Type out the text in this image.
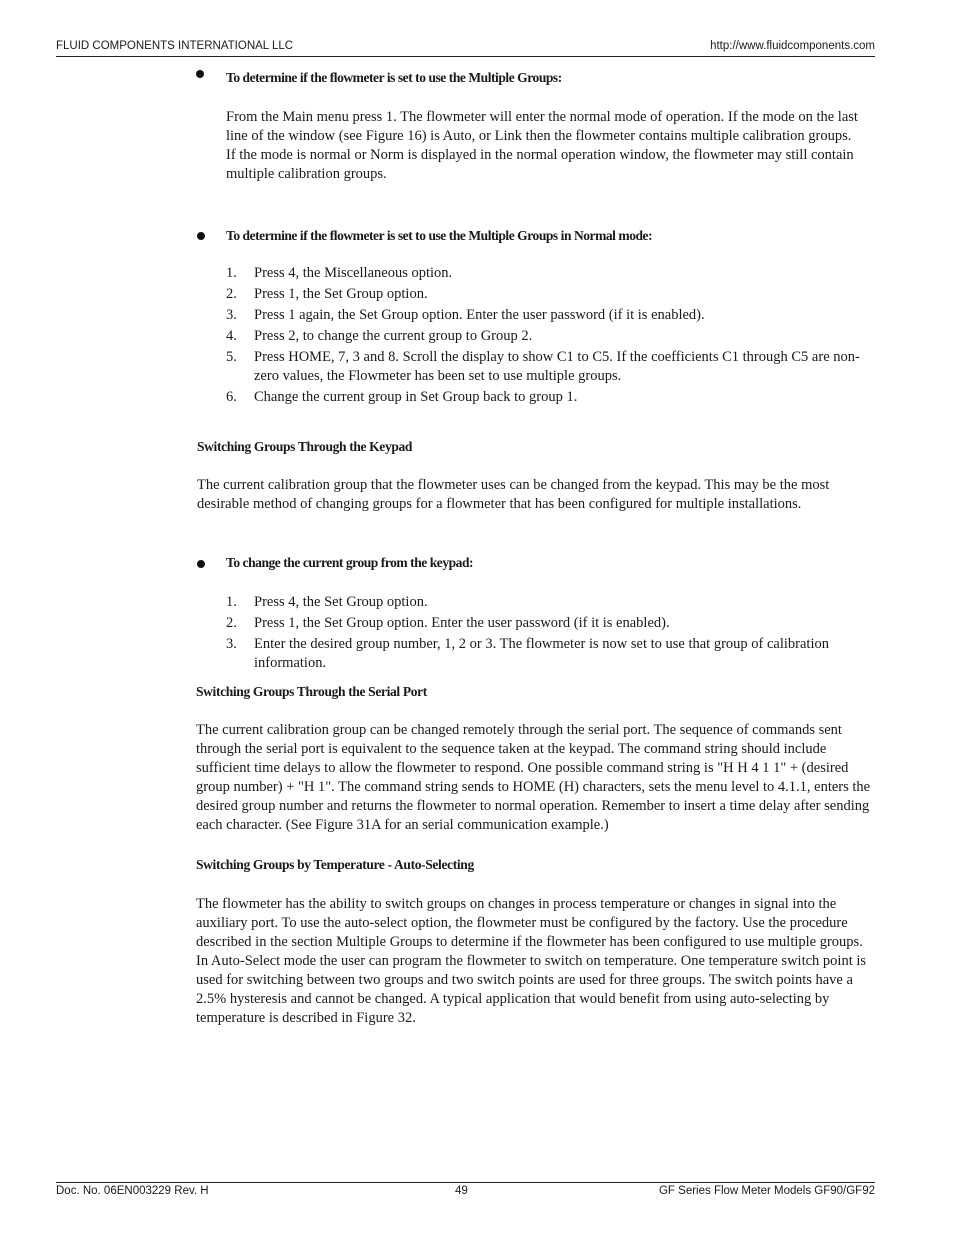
FLUID COMPONENTS INTERNATIONAL LLC	http://www.fluidcomponents.com
To determine if the flowmeter is set to use the Multiple Groups:

From the Main menu press 1. The flowmeter will enter the normal mode of operation. If the mode on the last line of the window (see Figure 16) is Auto, or Link then the flowmeter contains multiple calibration groups.

If the mode is normal or Norm is displayed in the normal operation window, the flowmeter may still contain multiple calibration groups.

To determine if the flowmeter is set to use the Multiple Groups in Normal mode:
1. Press 4, the Miscellaneous option.
2. Press 1, the Set Group option.
3. Press 1 again, the Set Group option. Enter the user password (if it is enabled).
4. Press 2, to change the current group to Group 2.
5. Press HOME, 7, 3 and 8. Scroll the display to show C1 to C5. If the coefficients C1 through C5 are non-zero values, the Flowmeter has been set to use multiple groups.
6. Change the current group in Set Group back to group 1.
Switching Groups Through the Keypad

The current calibration group that the flowmeter uses can be changed from the keypad. This may be the most desirable method of changing groups for a flowmeter that has been configured for multiple installations.

To change the current group from the keypad:
1. Press 4, the Set Group option.
2. Press 1, the Set Group option. Enter the user password (if it is enabled).
3. Enter the desired group number, 1, 2 or 3. The flowmeter is now set to use that group of calibration information.
Switching Groups Through the Serial Port

The current calibration group can be changed remotely through the serial port. The sequence of commands sent through the serial port is equivalent to the sequence taken at the keypad. The command string should include sufficient time delays to allow the flowmeter to respond. One possible command string is "H H 4 1 1" + (desired group number) + "H 1". The command string sends to HOME (H) characters, sets the menu level to 4.1.1, enters the desired group number and returns the flowmeter to normal operation. Remember to insert a time delay after sending each character. (See Figure 31A for an serial communication example.)

Switching Groups by Temperature - Auto-Selecting

The flowmeter has the ability to switch groups on changes in process temperature or changes in signal into the auxiliary port. To use the auto-select option, the flowmeter must be configured by the factory. Use the procedure described in the section Multiple Groups to determine if the flowmeter has been configured to use multiple groups. In Auto-Select mode the user can program the flowmeter to switch on temperature. One temperature switch point is used for switching between two groups and two switch points are used for three groups. The switch points have a 2.5% hysteresis and cannot be changed. A typical application that would benefit from using auto-selecting by temperature is described in Figure 32.

Doc. No. 06EN003229 Rev. H	49	GF Series Flow Meter Models GF90/GF92
